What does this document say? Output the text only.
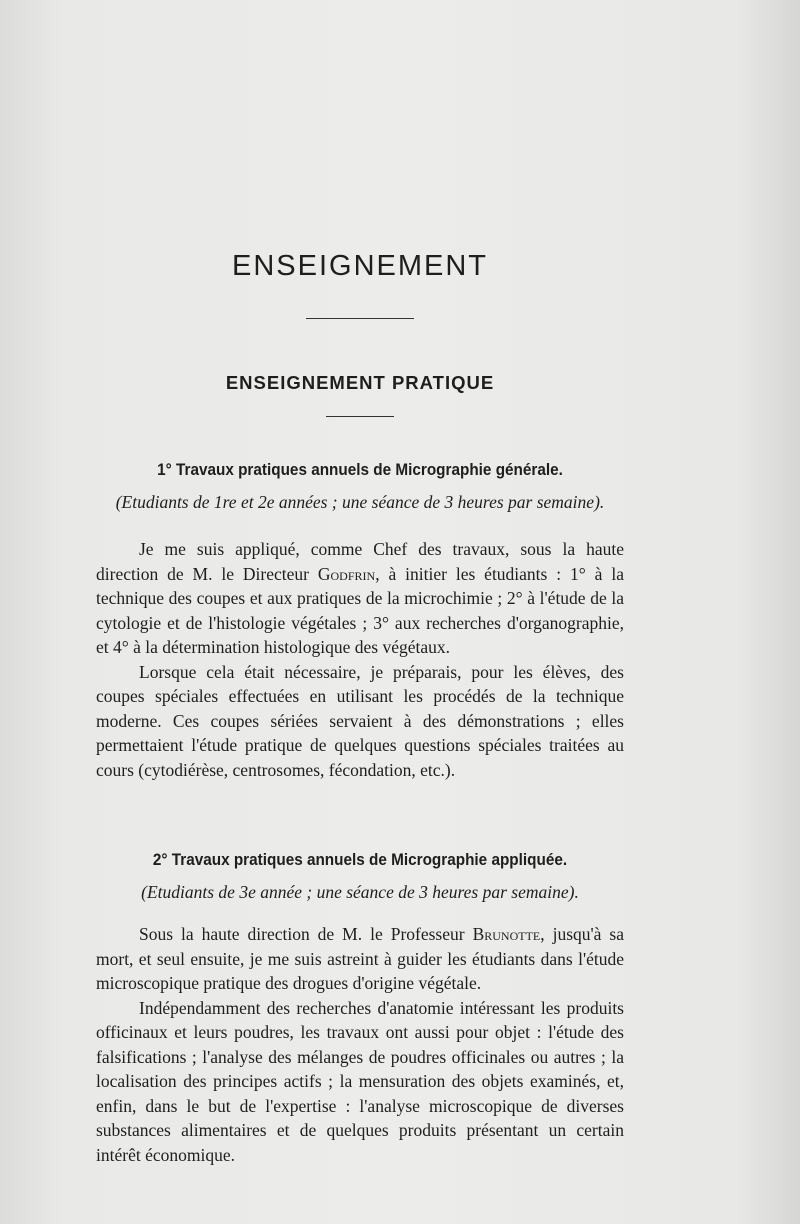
ENSEIGNEMENT
ENSEIGNEMENT PRATIQUE
1° Travaux pratiques annuels de Micrographie générale.
(Etudiants de 1re et 2e années ; une séance de 3 heures par semaine).

Je me suis appliqué, comme Chef des travaux, sous la haute direction de M. le Directeur Godfrin, à initier les étudiants : 1° à la technique des coupes et aux pratiques de la microchimie ; 2° à l'étude de la cytologie et de l'histologie végétales ; 3° aux recherches d'organographie, et 4° à la détermination histologique des végétaux.

Lorsque cela était nécessaire, je préparais, pour les élèves, des coupes spéciales effectuées en utilisant les procédés de la technique moderne. Ces coupes sériées servaient à des démonstrations ; elles permettaient l'étude pratique de quelques questions spéciales traitées au cours (cytodiérèse, centrosomes, fécondation, etc.).

2° Travaux pratiques annuels de Micrographie appliquée.
(Etudiants de 3e année ; une séance de 3 heures par semaine).

Sous la haute direction de M. le Professeur Brunotte, jusqu'à sa mort, et seul ensuite, je me suis astreint à guider les étudiants dans l'étude microscopique pratique des drogues d'origine végétale.

Indépendamment des recherches d'anatomie intéressant les produits officinaux et leurs poudres, les travaux ont aussi pour objet : l'étude des falsifications ; l'analyse des mélanges de poudres officinales ou autres ; la localisation des principes actifs ; la mensuration des objets examinés, et, enfin, dans le but de l'expertise : l'analyse microscopique de diverses substances alimentaires et de quelques produits présentant un certain intérêt économique.
